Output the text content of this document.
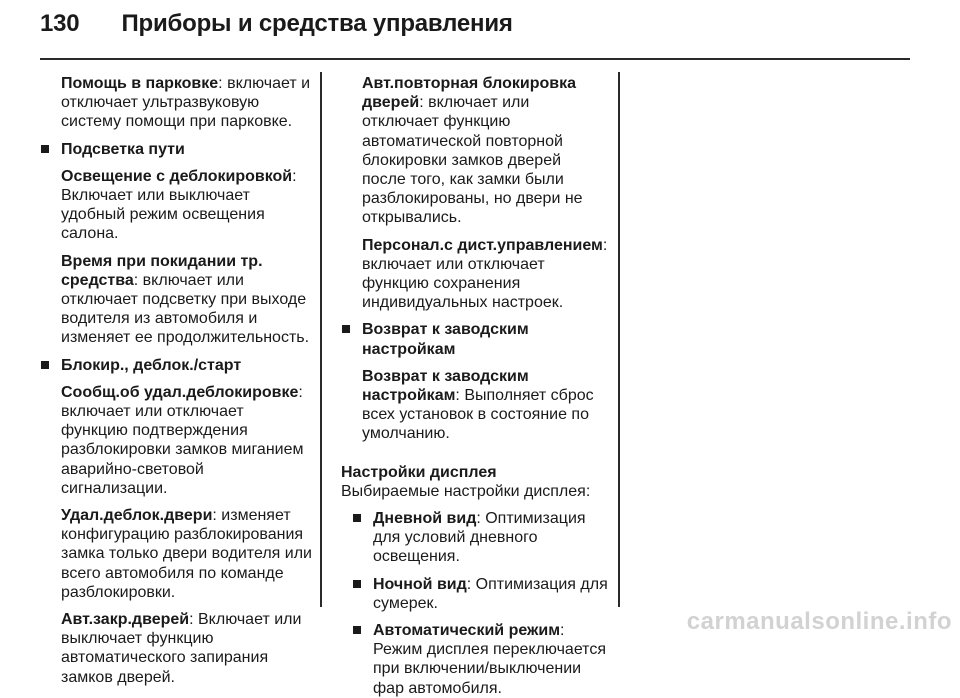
130 Приборы и средства управления

Помощь в парковке: включает и отключает ультразвуковую систему помощи при парковке.

Подсветка пути

Освещение с деблокировкой: Включает или выключает удобный режим освещения салона.

Время при покидании тр. средства: включает или отключает подсветку при выходе водителя из автомобиля и изменяет ее продолжительность.

Блокир., деблок./старт

Сообщ.об удал.деблокировке: включает или отключает функцию подтверждения разблокировки замков миганием аварийно-световой сигнализации.

Удал.деблок.двери: изменяет конфигурацию разблокирования замка только двери водителя или всего автомобиля по команде разблокировки.

Авт.закр.дверей: Включает или выключает функцию автоматического запирания замков дверей.

Авт.повторная блокировка дверей: включает или отключает функцию автоматической повторной блокировки замков дверей после того, как замки были разблокированы, но двери не открывались.

Персонал.с дист.управлением: включает или отключает функцию сохранения индивидуальных настроек.

Возврат к заводским настройкам

Возврат к заводским настройкам: Выполняет сброс всех установок в состояние по умолчанию.

Настройки дисплея

Выбираемые настройки дисплея:

Дневной вид: Оптимизация для условий дневного освещения.

Ночной вид: Оптимизация для сумерек.

Автоматический режим: Режим дисплея переключается при включении/выключении фар автомобиля.

carmanualsonline.info
